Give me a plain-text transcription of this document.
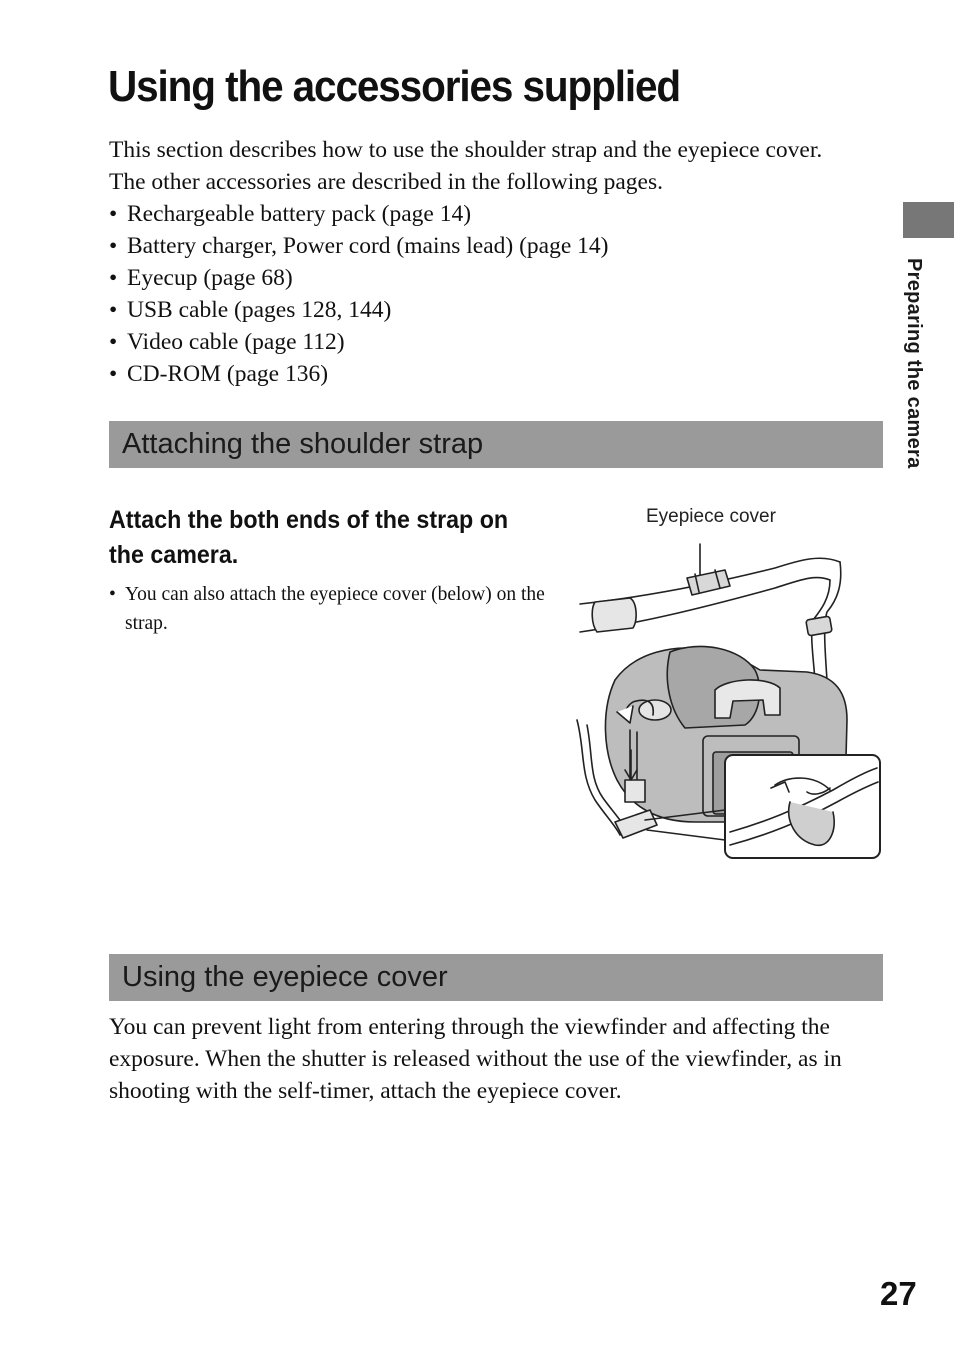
Using the accessories supplied

This section describes how to use the shoulder strap and the eyepiece cover.

The other accessories are described in the following pages.

• Rechargeable battery pack (page 14)
• Battery charger, Power cord (mains lead) (page 14)
• Eyecup (page 68)
• USB cable (pages 128, 144)
• Video cable (page 112)
• CD-ROM (page 136)
Attaching the shoulder strap
Attach the both ends of the strap on the camera.
• You can also attach the eyepiece cover (below) on the strap.
Eyepiece cover
Using the eyepiece cover

You can prevent light from entering through the viewfinder and affecting the exposure. When the shutter is released without the use of the viewfinder, as in shooting with the self-timer, attach the eyepiece cover.

Preparing the camera
27
